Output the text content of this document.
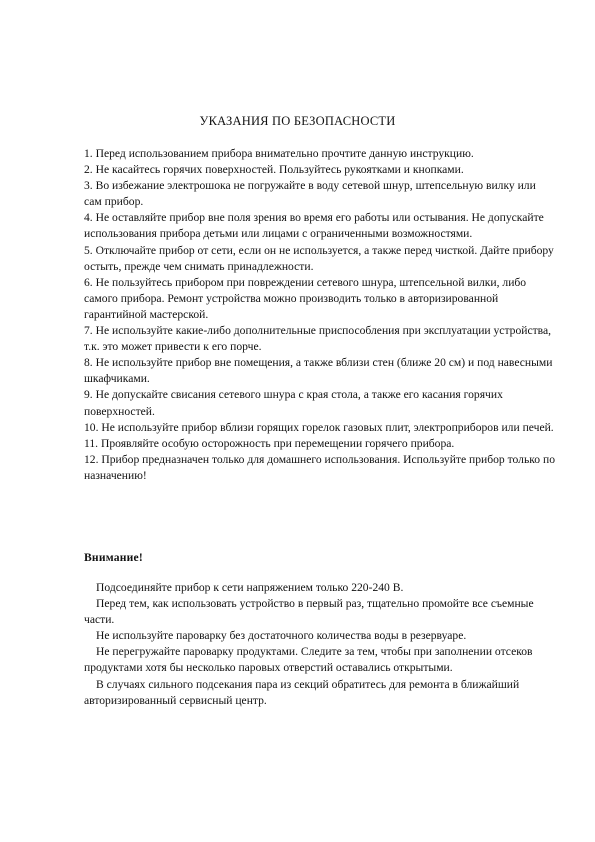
УКАЗАНИЯ ПО БЕЗОПАСНОСТИ

1. Перед использованием прибора внимательно прочтите данную инструкцию.

2. Не касайтесь горячих поверхностей. Пользуйтесь рукоятками и кнопками.

3. Во избежание электрошока не погружайте в воду сетевой шнур, штепсельную вилку или сам прибор.

4. Не оставляйте прибор вне поля зрения во время его работы или остывания. Не допускайте использования прибора детьми или лицами с ограниченными возможностями.

5. Отключайте прибор от сети, если он не используется, а также перед чисткой. Дайте прибору остыть, прежде чем снимать принадлежности.

6. Не пользуйтесь прибором при повреждении сетевого шнура, штепсельной вилки, либо самого прибора. Ремонт устройства можно производить только в авторизированной гарантийной мастерской.

7. Не используйте какие-либо дополнительные приспособления при эксплуатации устройства, т.к. это может привести к его порче.

8. Не используйте прибор вне помещения, а также вблизи стен (ближе 20 см) и под навесными шкафчиками.

9. Не допускайте свисания сетевого шнура с края стола, а также его касания горячих поверхностей.

10. Не используйте прибор вблизи горящих горелок газовых плит, электроприборов или печей.

11. Проявляйте особую осторожность при перемещении горячего прибора.

12. Прибор предназначен только для домашнего использования. Используйте прибор только по назначению!

Внимание!

Подсоединяйте прибор к сети напряжением только 220-240 В.

Перед тем, как использовать устройство в первый раз, тщательно промойте все съемные части.

Не используйте пароварку без достаточного количества воды в резервуаре.

Не перегружайте пароварку продуктами. Следите за тем, чтобы при заполнении отсеков продуктами хотя бы несколько паровых отверстий оставались открытыми.

В случаях сильного подсекания пара из секций обратитесь для ремонта в ближайший авторизированный сервисный центр.
